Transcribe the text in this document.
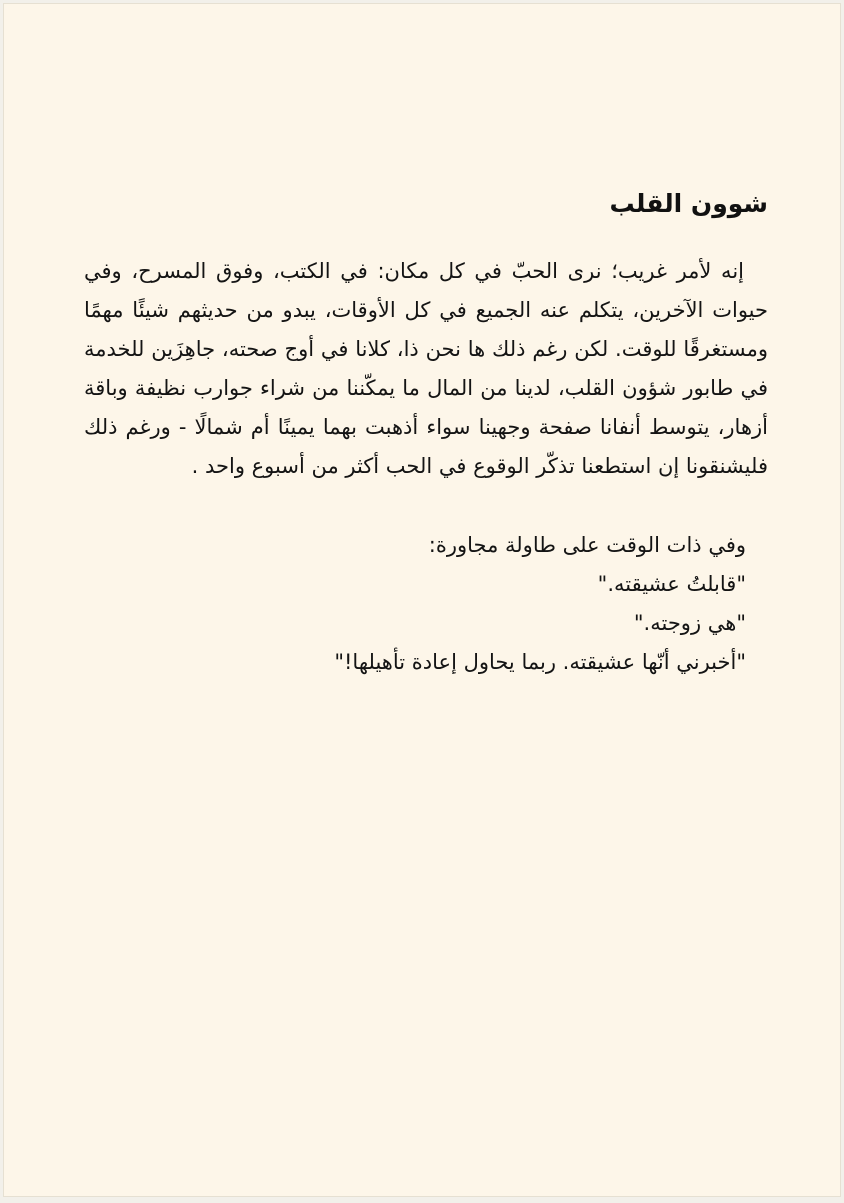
شوون القلب

إنه لأمر غريب؛ نرى الحبّ في كل مكان: في الكتب، وفوق المسرح، وفي حيوات الآخرين، يتكلم عنه الجميع في كل الأوقات، يبدو من حديثهم شيئًا مهمًا ومستغرقًا للوقت. لكن رغم ذلك ها نحن ذا، كلانا في أوج صحته، جاهِزَين للخدمة في طابور شؤون القلب، لدينا من المال ما يمكّننا من شراء جوارب نظيفة وباقة أزهار، يتوسط أنفانا صفحة وجهينا سواء أذهبت بهما يمينًا أم شمالًا - ورغم ذلك فليشنقونا إن استطعنا تذكّر الوقوع في الحب أكثر من أسبوع واحد .

وفي ذات الوقت على طاولة مجاورة:
"قابلتُ عشيقته."
"هي زوجته."
"أخبرني أنّها عشيقته. ربما يحاول إعادة تأهيلها!"
